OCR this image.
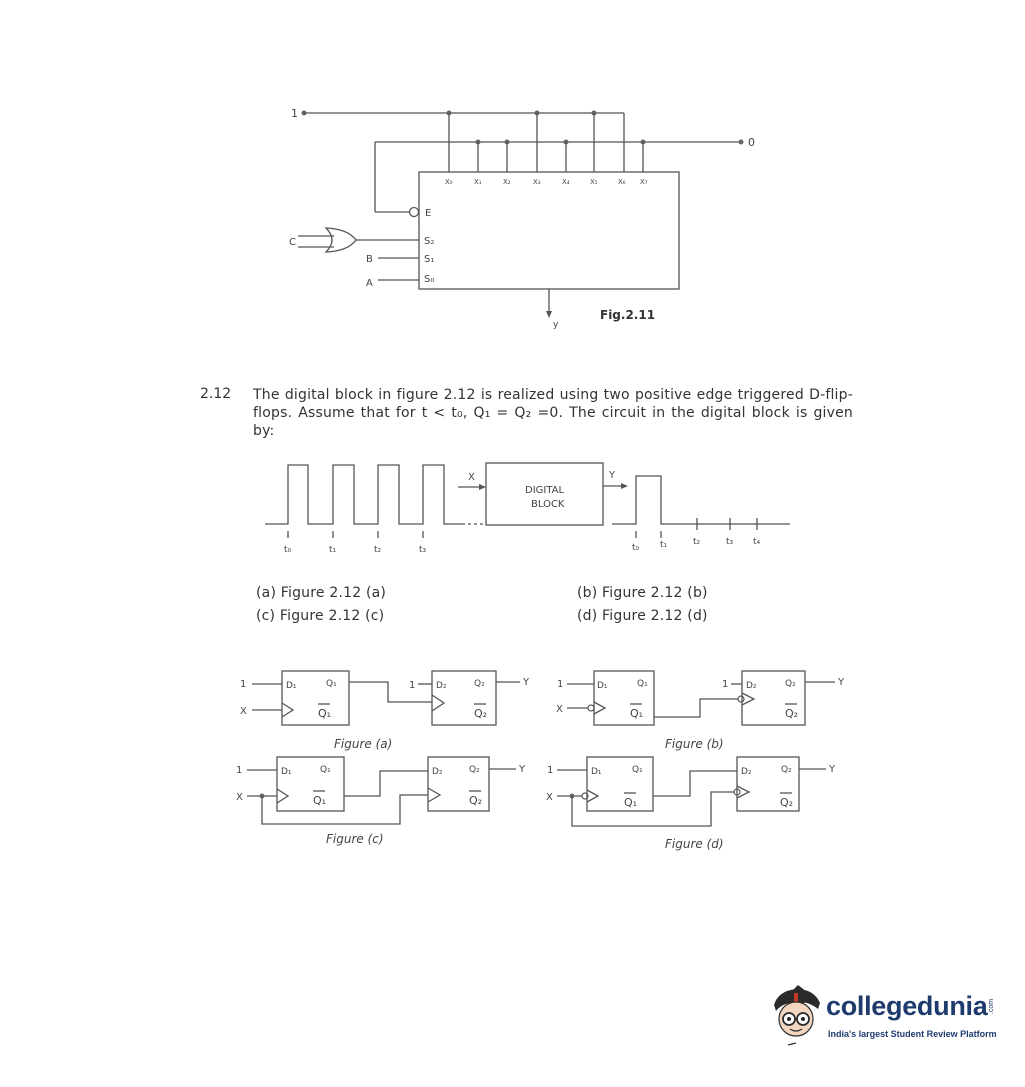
1
0
X₀	X₁	X₂	X₃	X₄	X₅	X₆ X₇
E
C	S₂
B	S₁
A	S₀
y
t₀	t₁	t₂	t₃
X
DIGITAL
BLOCK
Y
t₀ t₁	t₂	t₃ t₄
1
X
D₁	Q₁
Q₁
1 D₂	Q₂
Q₂
Y	1
X
D₁	Q₁
Q₁
1 D₂	Q₂
Q₂
Y
1
X
D₁	Q₁
Q₁
D₂	Q₂
Q₂
Y 1
X
D₁	Q₁
Q₁
D₂	Q₂
Q₂
Y
Fig.2.11
2.12 The digital block in figure 2.12 is realized using two positive edge triggered D-flip-flops. Assume that for t < t₀, Q₁ = Q₂ =0. The circuit in the digital block is given by:
(a) Figure 2.12 (a)	(b) Figure 2.12 (b)
(c) Figure 2.12 (c)	(d) Figure 2.12 (d)
Figure (a)	Figure (b)
Figure (c)	Figure (d)
collegedunia .com
India's largest Student Review Platform
